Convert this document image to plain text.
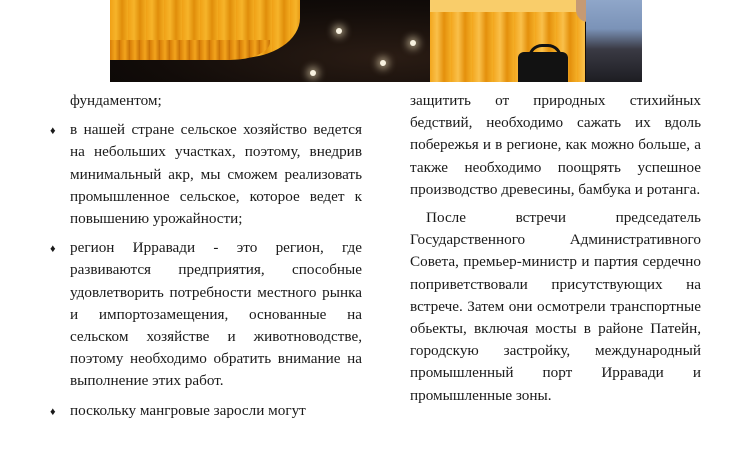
фундаментом;

♦ в нашей стране сельское хозяйство ведется на небольших участках, поэтому, внедрив минимальный акр, мы сможем реализовать промышленное сельское, которое ведет к повышению урожайности;
♦ регион Ирравади - это регион, где развиваются предприятия, способные удовлетворить потребности местного рынка и импортозамещения, основанные на сельском хозяйстве и животноводстве, поэтому необходимо обратить внимание на выполнение этих работ.
♦ поскольку мангровые заросли могут

защитить от природных стихийных бедствий, необходимо сажать их вдоль побережья и в регионе, как можно больше, а также необходимо поощрять успешное производство древесины, бамбука и ротанга.

После встречи председатель Государственного Административного Совета, премьер-министр и партия сердечно поприветствовали присутствующих на встрече. Затем они осмотрели транспортные обьекты, включая мосты в районе Патейн, городскую застройку, международный промышленный порт Ирравади и промышленные зоны.
